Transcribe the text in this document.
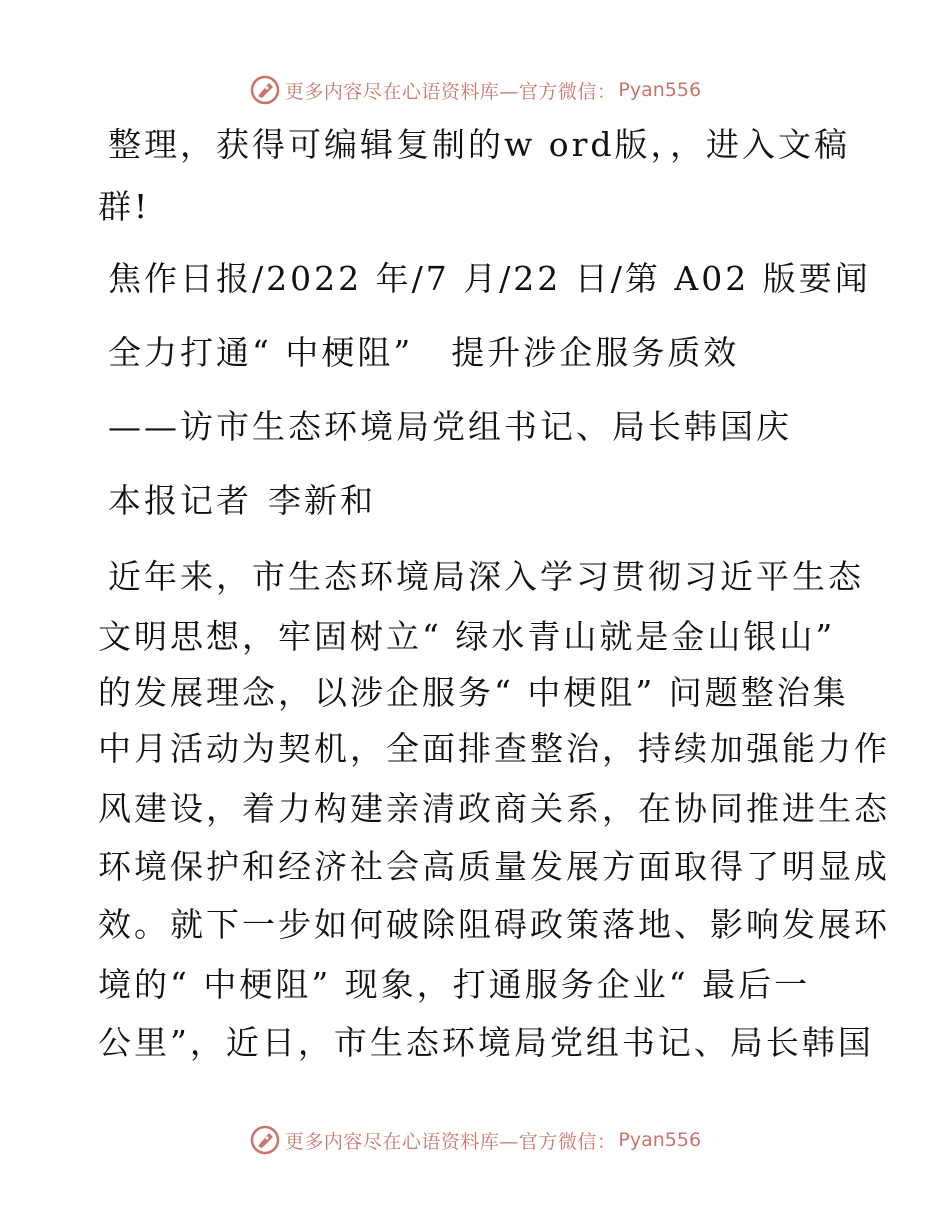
更多内容尽在心语资料库—官方微信： Pyan556
整理，获得可编辑复制的w ord版，，进入文稿
群!
焦作日报/2022 年/7 月/22 日/第 A02 版要闻
全力打通“ 中梗阻” 提升涉企服务质效
——访市生态环境局党组书记、局长韩国庆
本报记者 李新和
近年来，市生态环境局深入学习贯彻习近平生态
文明思想，牢固树立“ 绿水青山就是金山银山”
的发展理念，以涉企服务“ 中梗阻” 问题整治集
中月活动为契机，全面排查整治，持续加强能力作
风建设，着力构建亲清政商关系，在协同推进生态
环境保护和经济社会高质量发展方面取得了明显成
效。就下一步如何破除阻碍政策落地、影响发展环
境的“ 中梗阻” 现象，打通服务企业“ 最后一
公里”，近日，市生态环境局党组书记、局长韩国
更多内容尽在心语资料库—官方微信： Pyan556
